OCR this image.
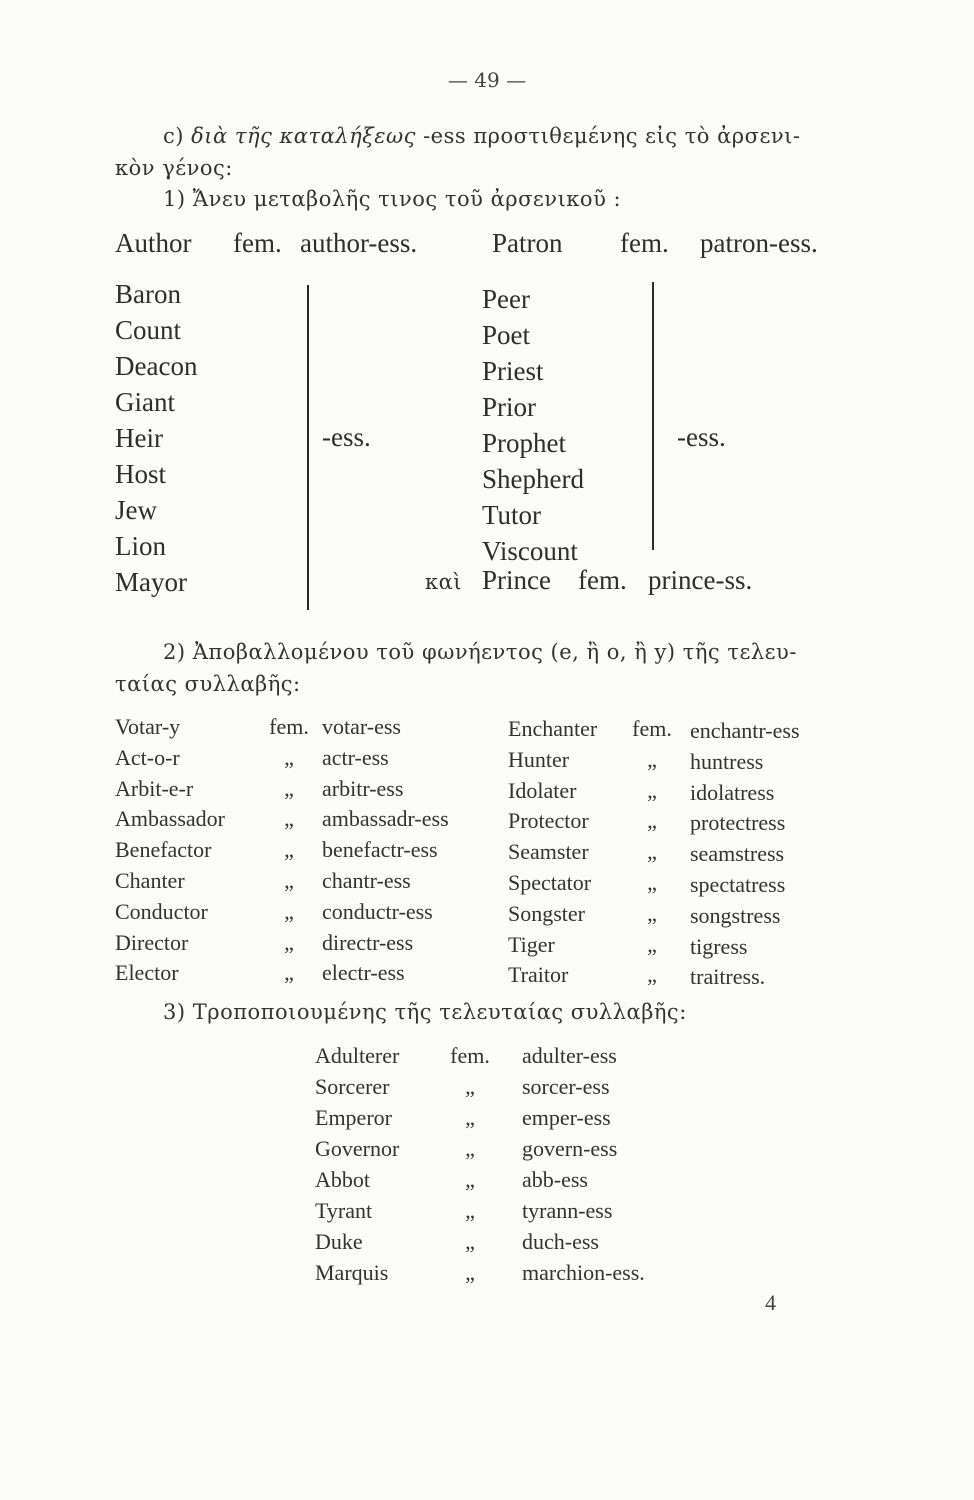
— 49 —
c) διὰ τῆς καταλήξεως -ess προστιθεμένης εἰς τὸ ἀρσενι-
κὸν γένος:
1) Ἄνευ μεταβολῆς τινος τοῦ ἀρσενικοῦ :
Author fem. author-ess.	Patron fem. patron-ess.
Baron
Count
Deacon
Giant
Heir
Host
Jew
Lion
Mayor
-ess.
Peer
Poet
Priest
Prior
Prophet
Shepherd
Tutor
Viscount
-ess.
καὶ Prince fem. prince-ss.
2) Ἀποβαλλομένου τοῦ φωνήεντος (e, ἢ o, ἢ y) τῆς τελευ-
ταίας συλλαβῆς:
Votar-y
Act-o-r
Arbit-e-r
Ambassador
Benefactor
Chanter
Conductor
Director
Elector
fem.
„
„
„
„
„
„
„
„
votar-ess
actr-ess
arbitr-ess
ambassadr-ess
benefactr-ess
chantr-ess
conductr-ess
directr-ess
electr-ess
Enchanter
Hunter
Idolater
Protector
Seamster
Spectator
Songster
Tiger
Traitor
fem.
„
„
„
„
„
„
„
„
enchantr-ess
huntress
idolatress
protectress
seamstress
spectatress
songstress
tigress
traitress.
3) Τροποποιουμένης τῆς τελευταίας συλλαβῆς:
Adulterer
Sorcerer
Emperor
Governor
Abbot
Tyrant
Duke
Marquis
fem.
„
„
„
„
„
„
„
adulter-ess
sorcer-ess
emper-ess
govern-ess
abb-ess
tyrann-ess
duch-ess
marchion-ess.
4
